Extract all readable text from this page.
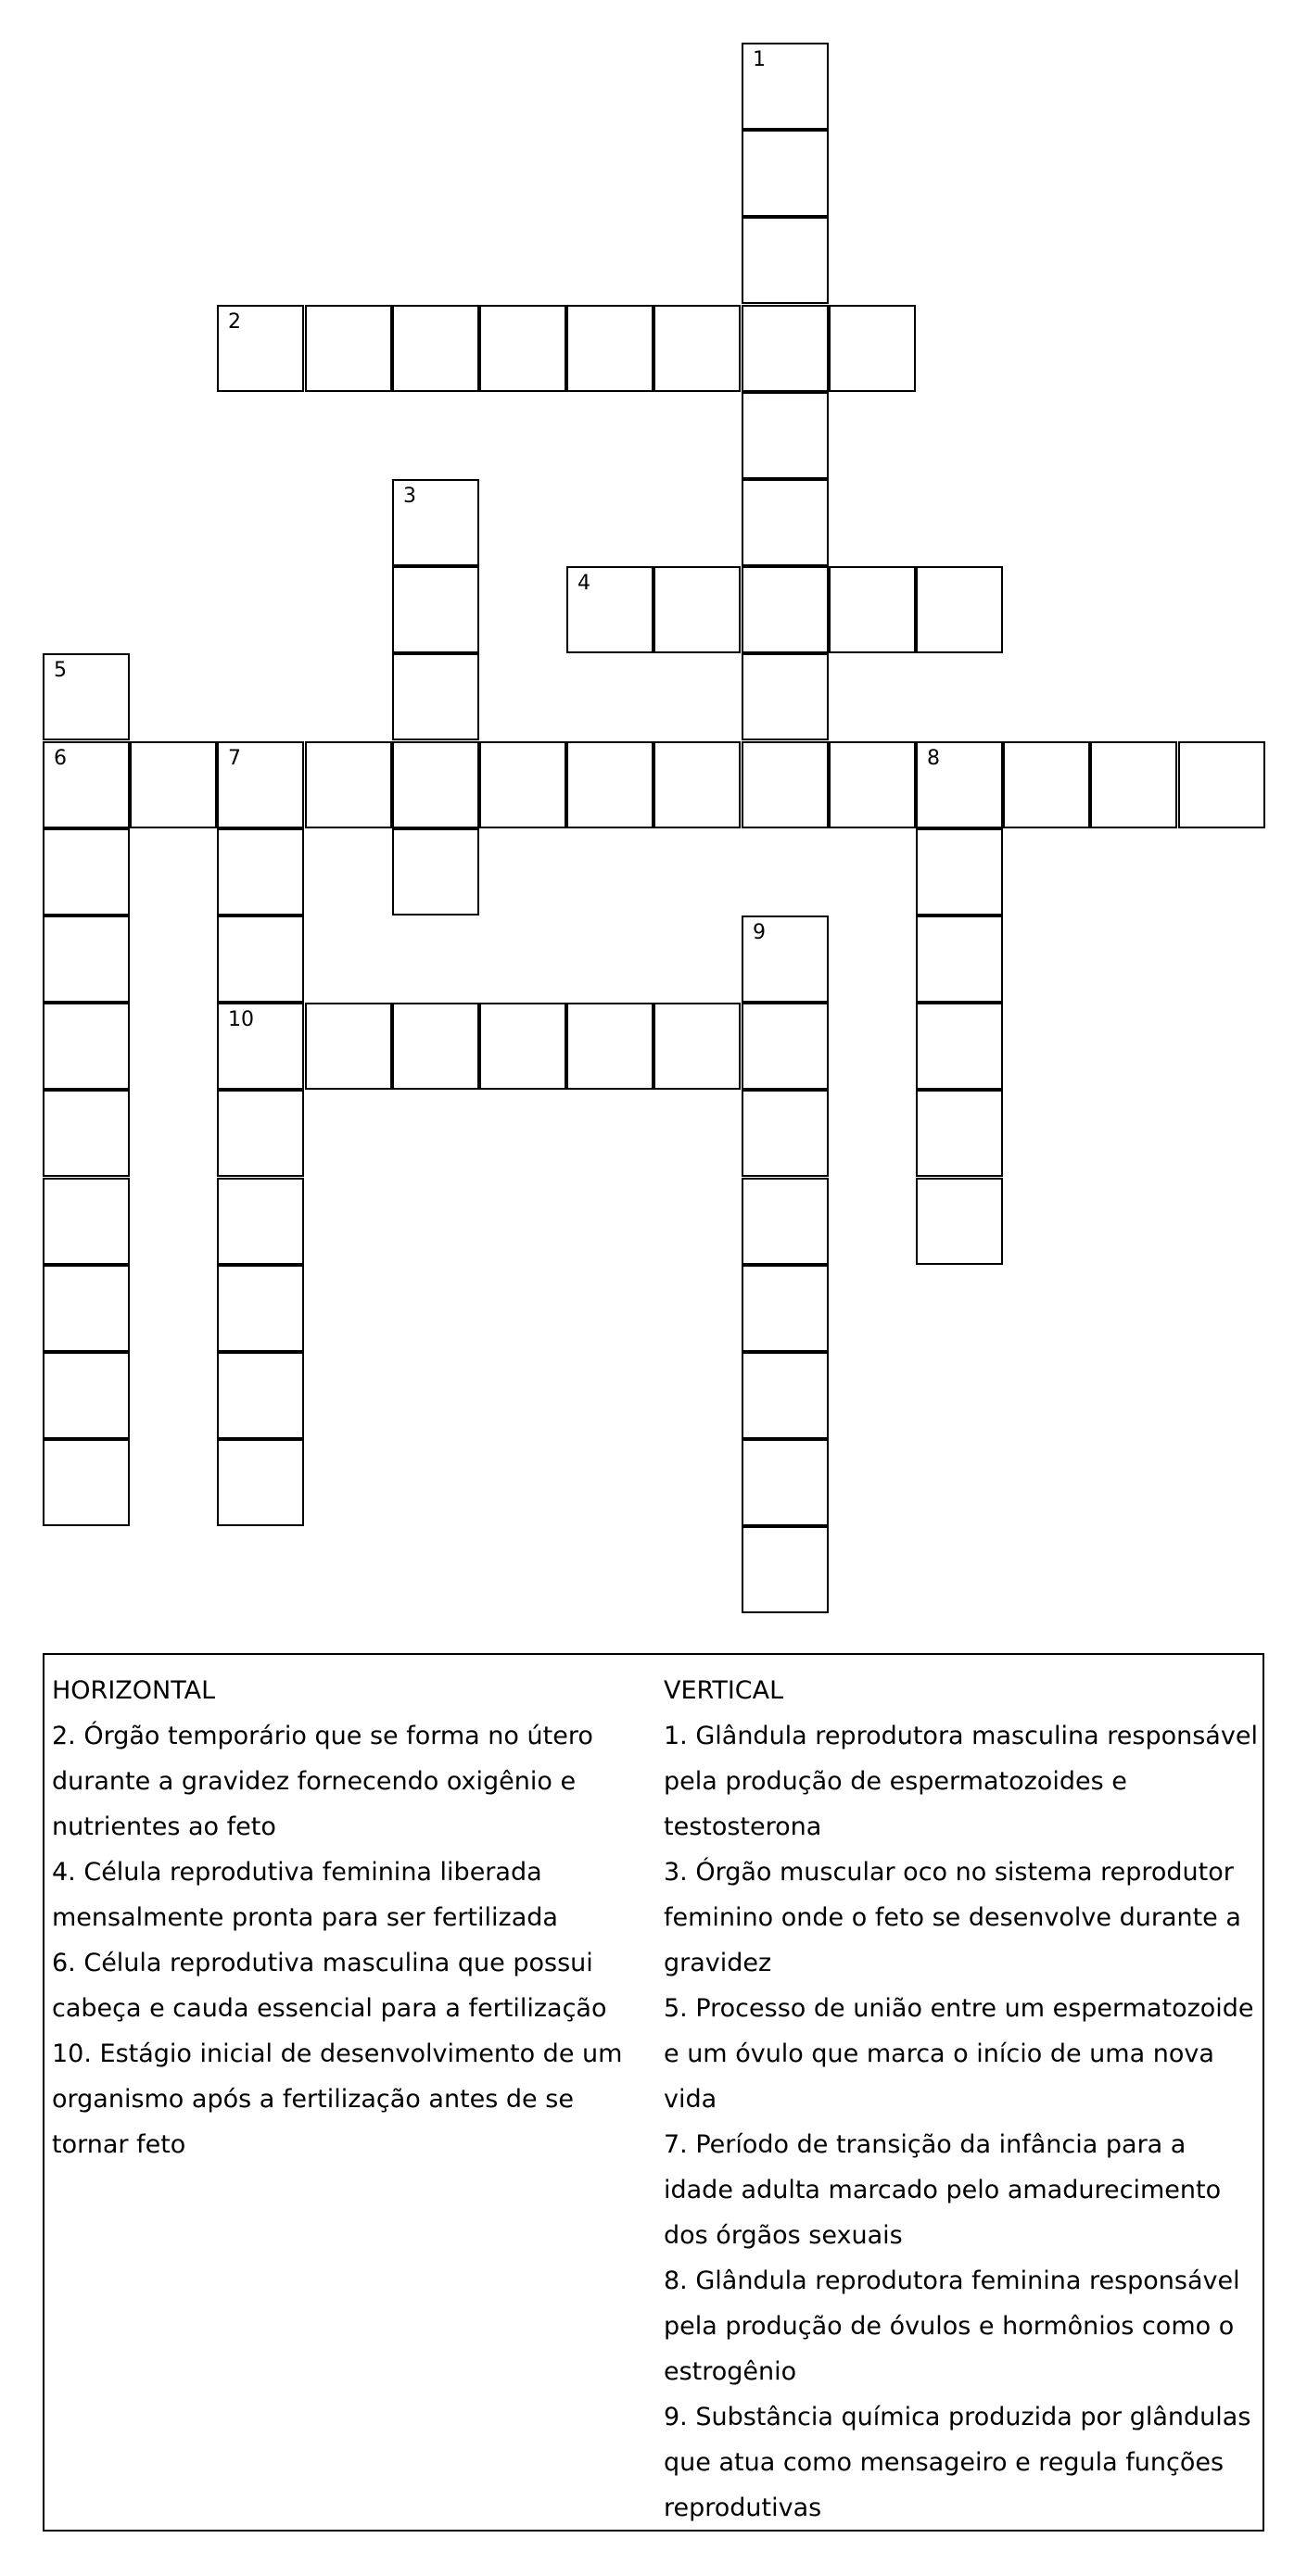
1
2
3
4
5
6	7	8
10
9
HORIZONTAL
2. Órgão temporário que se forma no útero
durante a gravidez fornecendo oxigênio e
nutrientes ao feto
4. Célula reprodutiva feminina liberada
mensalmente pronta para ser fertilizada
6. Célula reprodutiva masculina que possui
cabeça e cauda essencial para a fertilização
10. Estágio inicial de desenvolvimento de um
organismo após a fertilização antes de se
tornar feto
VERTICAL
1. Glândula reprodutora masculina responsável
pela produção de espermatozoides e
testosterona
3. Órgão muscular oco no sistema reprodutor
feminino onde o feto se desenvolve durante a
gravidez
5. Processo de união entre um espermatozoide
e um óvulo que marca o início de uma nova vida
7. Período de transição da infância para a
idade adulta marcado pelo amadurecimento
dos órgãos sexuais
8. Glândula reprodutora feminina responsável
pela produção de óvulos e hormônios como o
estrogênio
9. Substância química produzida por glândulas
que atua como mensageiro e regula funções
reprodutivas
